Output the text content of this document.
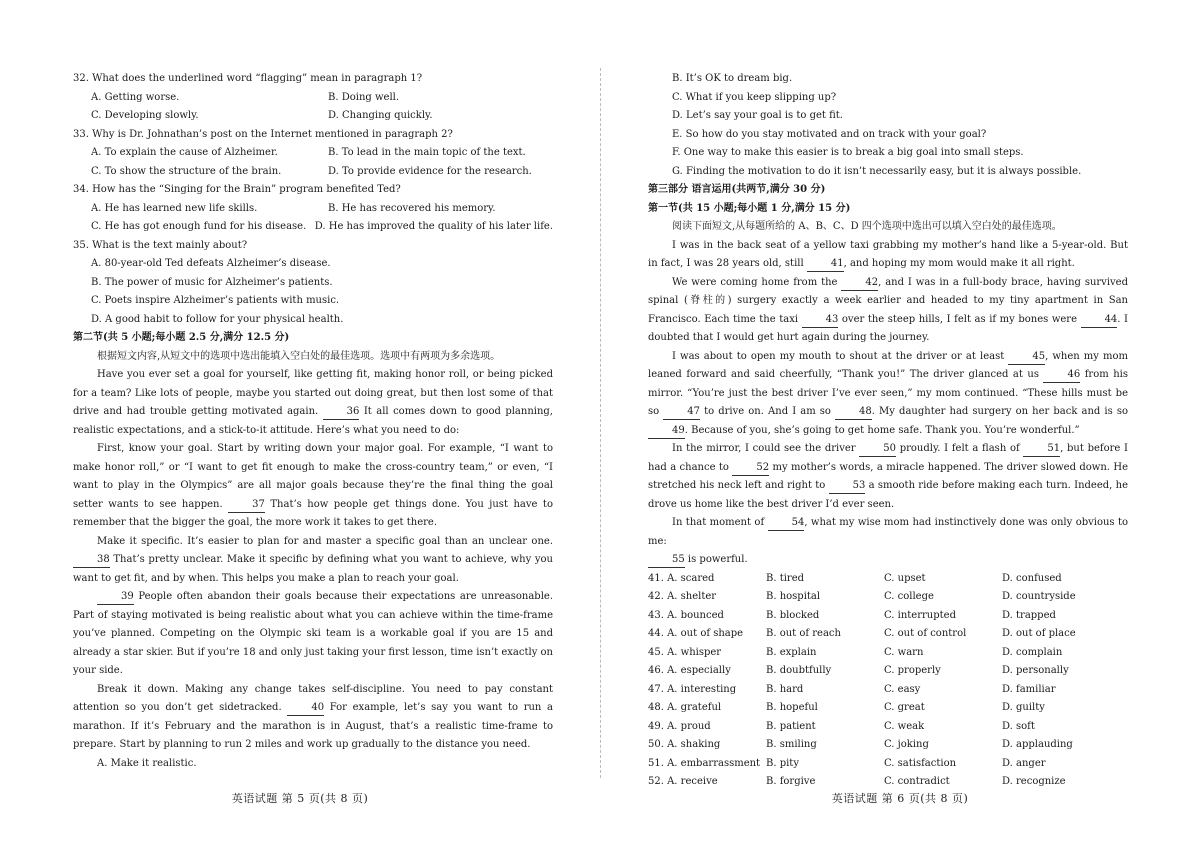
32. What does the underlined word “flagging” mean in paragraph 1?
A. Getting worse.	B. Doing well.
C. Developing slowly.	D. Changing quickly.
33. Why is Dr. Johnathan’s post on the Internet mentioned in paragraph 2?
A. To explain the cause of Alzheimer.	B. To lead in the main topic of the text.
C. To show the structure of the brain.	D. To provide evidence for the research.
34. How has the “Singing for the Brain” program benefited Ted?
A. He has learned new life skills.	B. He has recovered his memory.
C. He has got enough fund for his disease. D. He has improved the quality of his later life.
35. What is the text mainly about?
A. 80-year-old Ted defeats Alzheimer’s disease.
B. The power of music for Alzheimer’s patients.
C. Poets inspire Alzheimer’s patients with music.
D. A good habit to follow for your physical health.
第二节(共 5 小题;每小题 2.5 分,满分 12.5 分)
根据短文内容,从短文中的选项中选出能填入空白处的最佳选项。选项中有两项为多余选项。
Have you ever set a goal for yourself, like getting fit, making honor roll, or being picked for a team? Like lots of people, maybe you started out doing great, but then lost some of that drive and had trouble getting motivated again.	36 It all comes down to good planning, realistic expectations, and a stick-to-it attitude. Here’s what you need to do:
First, know your goal. Start by writing down your major goal. For example, “I want to make honor roll,” or “I want to get fit enough to make the cross-country team,” or even, “I want to play in the Olympics” are all major goals because they’re the final thing the goal setter wants to see happen.	37 That’s how people get things done. You just have to remember that the bigger the goal, the more work it takes to get there.
Make it specific. It’s easier to plan for and master a specific goal than an unclear one. 38 That’s pretty unclear. Make it specific by defining what you want to achieve, why you want to get fit, and by when. This helps you make a plan to reach your goal.
39 People often abandon their goals because their expectations are unreasonable. Part of staying motivated is being realistic about what you can achieve within the time-frame you’ve planned. Competing on the Olympic ski team is a workable goal if you are 15 and already a star skier. But if you’re 18 and only just taking your first lesson, time isn’t exactly on your side.
Break it down. Making any change takes self-discipline. You need to pay constant attention so you don’t get sidetracked.	40 For example, let’s say you want to run a marathon. If it’s February and the marathon is in August, that’s a realistic time-frame to prepare. Start by planning to run 2 miles and work up gradually to the distance you need.
A. Make it realistic.
英语试题 第 5 页(共 8 页)
B. It’s OK to dream big.
C. What if you keep slipping up?
D. Let’s say your goal is to get fit.
E. So how do you stay motivated and on track with your goal?
F. One way to make this easier is to break a big goal into small steps.
G. Finding the motivation to do it isn’t necessarily easy, but it is always possible.
第三部分 语言运用(共两节,满分 30 分)
第一节(共 15 小题;每小题 1 分,满分 15 分)
阅读下面短文,从每题所给的 A、B、C、D 四个选项中选出可以填入空白处的最佳选项。
I was in the back seat of a yellow taxi grabbing my mother’s hand like a 5-year-old. But in fact, I was 28 years old, still	41, and hoping my mom would make it all right.
We were coming home from the	42, and I was in a full-body brace, having survived spinal (脊柱的) surgery exactly a week earlier and headed to my tiny apartment in San Francisco. Each time the taxi	43 over the steep hills, I felt as if my bones were	44. I doubted that I would get hurt again during the journey.
I was about to open my mouth to shout at the driver or at least	45, when my mom leaned forward and said cheerfully, “Thank you!” The driver glanced at us	46 from his mirror. “You’re just the best driver I’ve ever seen,” my mom continued. “These hills must be so	47 to drive on. And I am so	48. My daughter had surgery on her back and is so 49. Because of you, she’s going to get home safe. Thank you. You’re wonderful.”
In the mirror, I could see the driver	50 proudly. I felt a flash of	51, but before I had a chance to	52 my mother’s words, a miracle happened. The driver slowed down. He stretched his neck left and right to	53 a smooth ride before making each turn. Indeed, he drove us home like the best driver I’d ever seen.
In that moment of	54, what my wise mom had instinctively done was only obvious to me:
55 is powerful.
41. A. scared	B. tired	C. upset	D. confused
42. A. shelter	B. hospital	C. college	D. countryside
43. A. bounced	B. blocked	C. interrupted	D. trapped
44. A. out of shape	B. out of reach	C. out of control	D. out of place
45. A. whisper	B. explain	C. warn	D. complain
46. A. especially	B. doubtfully	C. properly	D. personally
47. A. interesting	B. hard	C. easy	D. familiar
48. A. grateful	B. hopeful	C. great	D. guilty
49. A. proud	B. patient	C. weak	D. soft
50. A. shaking	B. smiling	C. joking	D. applauding
51. A. embarrassment B. pity	C. satisfaction	D. anger
52. A. receive	B. forgive	C. contradict	D. recognize
英语试题 第 6 页(共 8 页)
